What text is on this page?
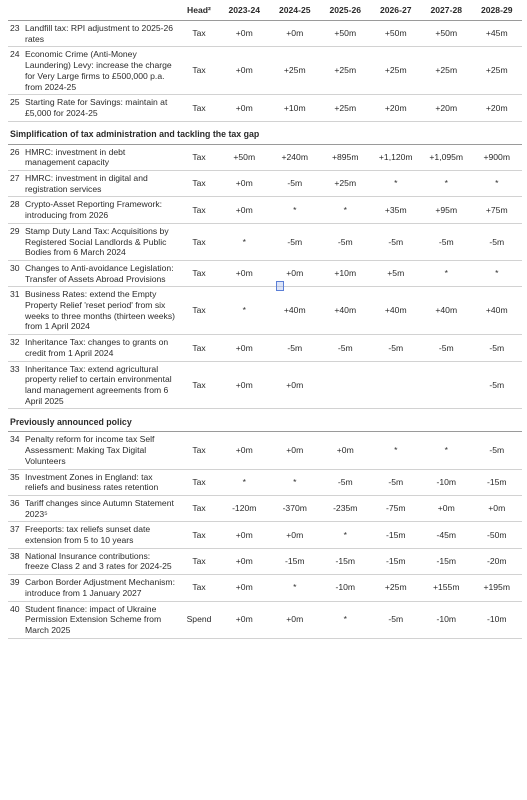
		Head²	2023-24	2024-25	2025-26	2026-27	2027-28	2028-29
23	Landfill tax: RPI adjustment to 2025-26 rates	Tax	+0m	+0m	+50m	+50m	+50m	+45m
24	Economic Crime (Anti-Money Laundering) Levy: increase the charge for Very Large firms to £500,000 p.a. from 2024-25	Tax	+0m	+25m	+25m	+25m	+25m	+25m
25	Starting Rate for Savings: maintain at £5,000 for 2024-25	Tax	+0m	+10m	+25m	+20m	+20m	+20m
Simplification of tax administration and tackling the tax gap								
26	HMRC: investment in debt management capacity	Tax	+50m	+240m	+895m	+1,120m	+1,095m	+900m
27	HMRC: investment in digital and registration services	Tax	+0m	-5m	+25m	*	*	*
28	Crypto-Asset Reporting Framework: introducing from 2026	Tax	+0m	*	*	+35m	+95m	+75m
29	Stamp Duty Land Tax: Acquisitions by Registered Social Landlords & Public Bodies from 6 March 2024	Tax	*	-5m	-5m	-5m	-5m	-5m
30	Changes to Anti-avoidance Legislation: Transfer of Assets Abroad Provisions	Tax	+0m	+0m	+10m	+5m	*	*
31	Business Rates: extend the Empty Property Relief 'reset period' from six weeks to three months (thirteen weeks) from 1 April 2024	Tax	*	+40m	+40m	+40m	+40m	+40m
32	Inheritance Tax: changes to grants on credit from 1 April 2024	Tax	+0m	-5m	-5m	-5m	-5m	-5m
33	Inheritance Tax: extend agricultural property relief to certain environmental land management agreements from 6 April 2025	Tax	+0m	+0m				-5m
Previously announced policy								
34	Penalty reform for income tax Self Assessment: Making Tax Digital Volunteers	Tax	+0m	+0m	+0m	*	*	-5m
35	Investment Zones in England: tax reliefs and business rates retention	Tax	*	*	-5m	-5m	-10m	-15m
36	Tariff changes since Autumn Statement 2023⁵	Tax	-120m	-370m	-235m	-75m	+0m	+0m
37	Freeports: tax reliefs sunset date extension from 5 to 10 years	Tax	+0m	+0m	*	-15m	-45m	-50m
38	National Insurance contributions: freeze Class 2 and 3 rates for 2024-25	Tax	+0m	-15m	-15m	-15m	-15m	-20m
39	Carbon Border Adjustment Mechanism: introduce from 1 January 2027	Tax	+0m	*	-10m	+25m	+155m	+195m
40	Student finance: impact of Ukraine Permission Extension Scheme from March 2025	Spend	+0m	+0m	*	-5m	-10m	-10m
